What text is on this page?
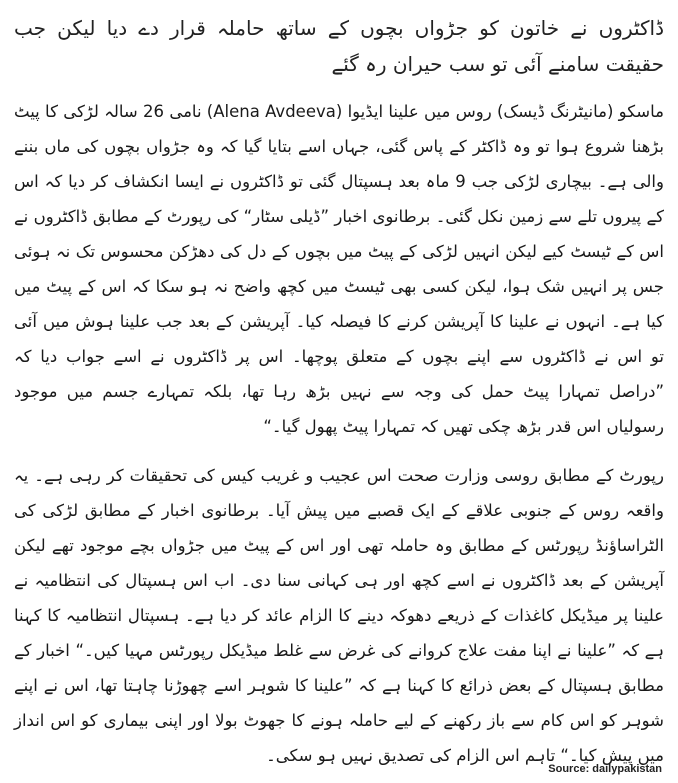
ڈاکٹروں نے خاتون کو جڑواں بچوں کے ساتھ حاملہ قرار دے دیا لیکن جب حقیقت سامنے آئی تو سب حیران رہ گئے

ماسکو (مانیٹرنگ ڈیسک) روس میں علینا ایڈیوا (Alena Avdeeva) نامی 26 سالہ لڑکی کا پیٹ بڑھنا شروع ہوا تو وہ ڈاکٹر کے پاس گئی، جہاں اسے بتایا گیا کہ وہ جڑواں بچوں کی ماں بننے والی ہے۔ بیچاری لڑکی جب 9 ماہ بعد ہسپتال گئی تو ڈاکٹروں نے ایسا انکشاف کر دیا کہ اس کے پیروں تلے سے زمین نکل گئی۔ برطانوی اخبار ”ڈیلی سٹار“ کی رپورٹ کے مطابق ڈاکٹروں نے اس کے ٹیسٹ کیے لیکن انہیں لڑکی کے پیٹ میں بچوں کے دل کی دھڑکن محسوس تک نہ ہوئی جس پر انہیں شک ہوا، لیکن کسی بھی ٹیسٹ میں کچھ واضح نہ ہو سکا کہ اس کے پیٹ میں کیا ہے۔ انہوں نے علینا کا آپریشن کرنے کا فیصلہ کیا۔ آپریشن کے بعد جب علینا ہوش میں آئی تو اس نے ڈاکٹروں سے اپنے بچوں کے متعلق پوچھا۔ اس پر ڈاکٹروں نے اسے جواب دیا کہ ”دراصل تمہارا پیٹ حمل کی وجہ سے نہیں بڑھ رہا تھا، بلکہ تمہارے جسم میں موجود رسولیاں اس قدر بڑھ چکی تھیں کہ تمہارا پیٹ پھول گیا۔“

رپورٹ کے مطابق روسی وزارت صحت اس عجیب و غریب کیس کی تحقیقات کر رہی ہے۔ یہ واقعہ روس کے جنوبی علاقے کے ایک قصبے میں پیش آیا۔ برطانوی اخبار کے مطابق لڑکی کی الٹراساؤنڈ رپورٹس کے مطابق وہ حاملہ تھی اور اس کے پیٹ میں جڑواں بچے موجود تھے لیکن آپریشن کے بعد ڈاکٹروں نے اسے کچھ اور ہی کہانی سنا دی۔ اب اس ہسپتال کی انتظامیہ نے علینا پر میڈیکل کاغذات کے ذریعے دھوکہ دینے کا الزام عائد کر دیا ہے۔ ہسپتال انتظامیہ کا کہنا ہے کہ ”علینا نے اپنا مفت علاج کروانے کی غرض سے غلط میڈیکل رپورٹس مہیا کیں۔“ اخبار کے مطابق ہسپتال کے بعض ذرائع کا کہنا ہے کہ ”علینا کا شوہر اسے چھوڑنا چاہتا تھا، اس نے اپنے شوہر کو اس کام سے باز رکھنے کے لیے حاملہ ہونے کا جھوٹ بولا اور اپنی بیماری کو اس انداز میں پیش کیا۔“ تاہم اس الزام کی تصدیق نہیں ہو سکی۔

Source: dailypakistan
